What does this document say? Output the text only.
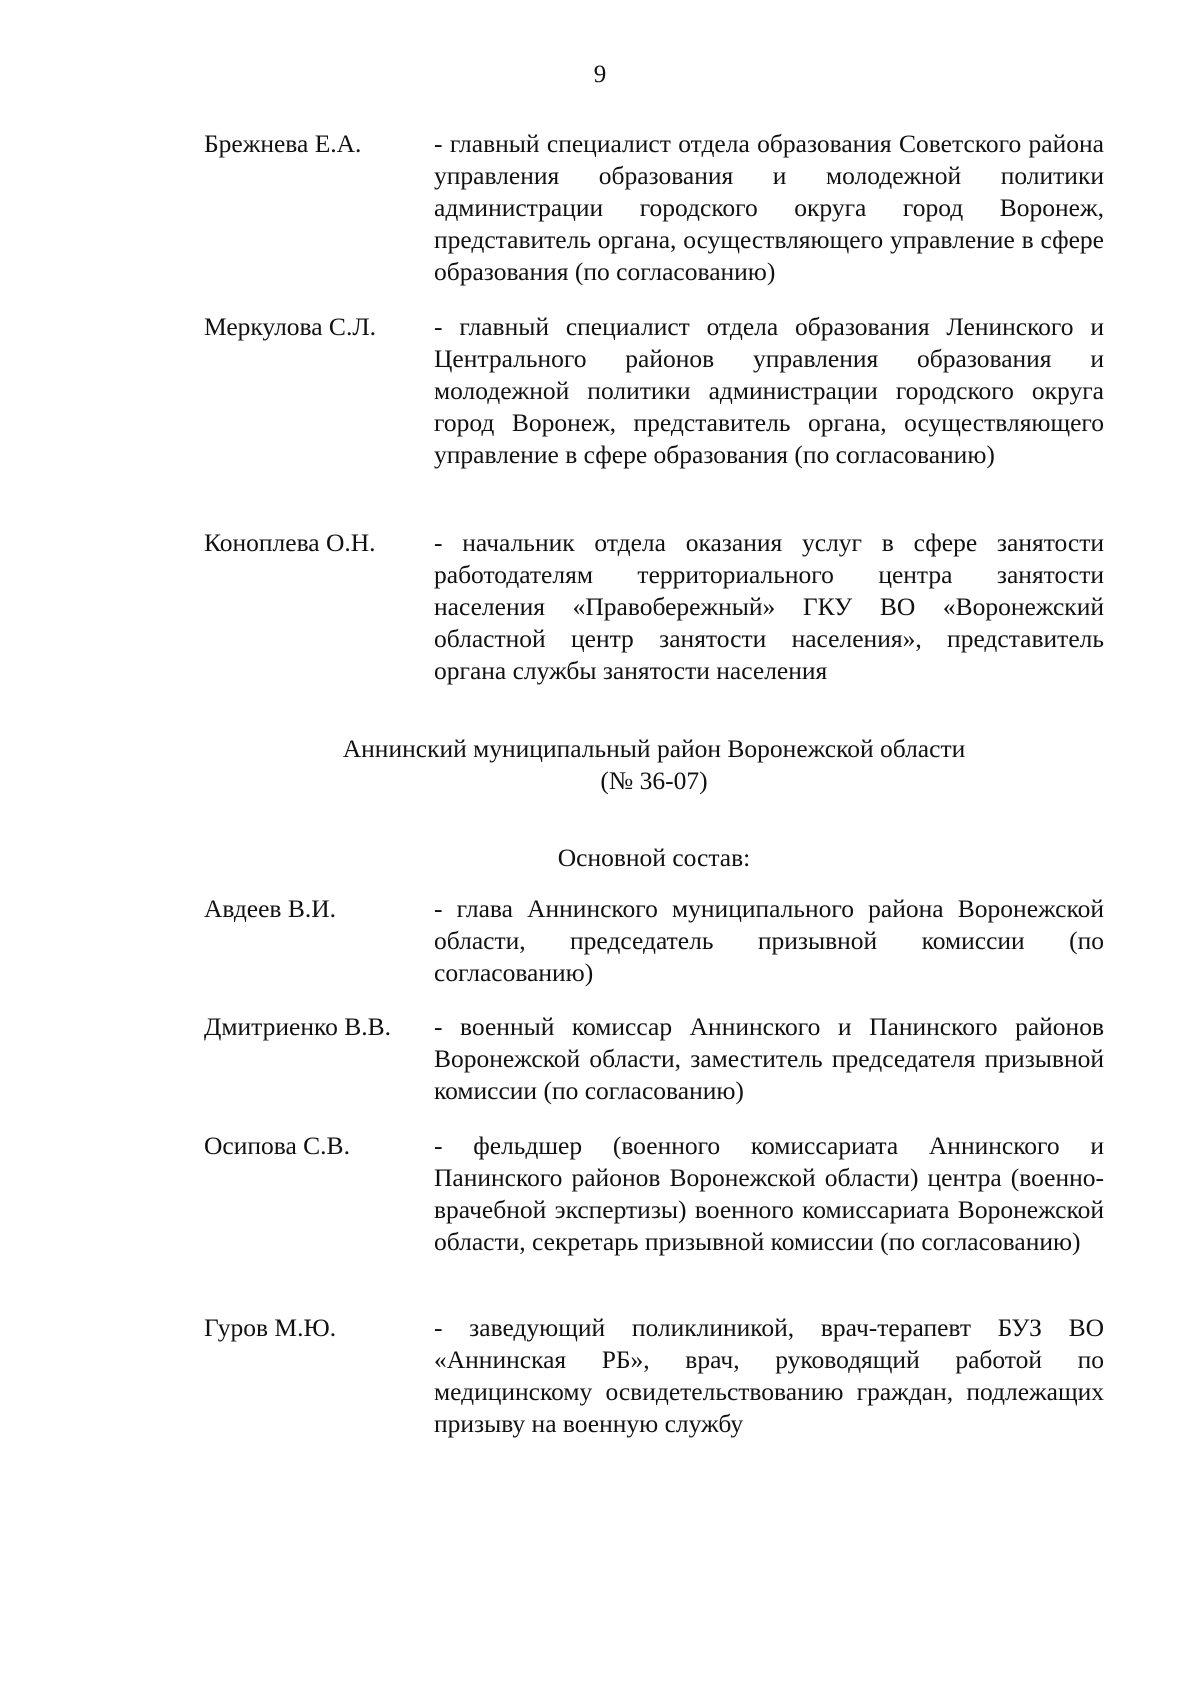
9
Брежнева Е.А.	- главный специалист отдела образования Советского района управления образования и молодежной политики администрации городского округа город Воронеж, представитель органа, осуществляющего управление в сфере образования (по согласованию)
Меркулова С.Л. - главный специалист отдела образования Ленинского и Центрального районов управления образования и молодежной политики администрации городского округа город Воронеж, представитель органа, осуществляющего управление в сфере образования (по согласованию)
Коноплева О.Н. - начальник отдела оказания услуг в сфере занятости работодателям территориального центра занятости населения «Правобережный» ГКУ ВО «Воронежский областной центр занятости населения», представитель органа службы занятости населения
Аннинский муниципальный район Воронежской области
(№ 36-07)
Основной состав:
Авдеев В.И.	- глава Аннинского муниципального района Воронежской области, председатель призывной комиссии (по согласованию)
Дмитриенко В.В. - военный комиссар Аннинского и Панинского районов Воронежской области, заместитель председателя призывной комиссии (по согласованию)
Осипова С.В.	- фельдшер (военного комиссариата Аннинского и Панинского районов Воронежской области) центра (военно-врачебной экспертизы) военного комиссариата Воронежской области, секретарь призывной комиссии (по согласованию)
Гуров М.Ю.	- заведующий поликлиникой, врач-терапевт БУЗ ВО «Аннинская РБ», врач, руководящий работой по медицинскому освидетельствованию граждан, подлежащих призыву на военную службу
